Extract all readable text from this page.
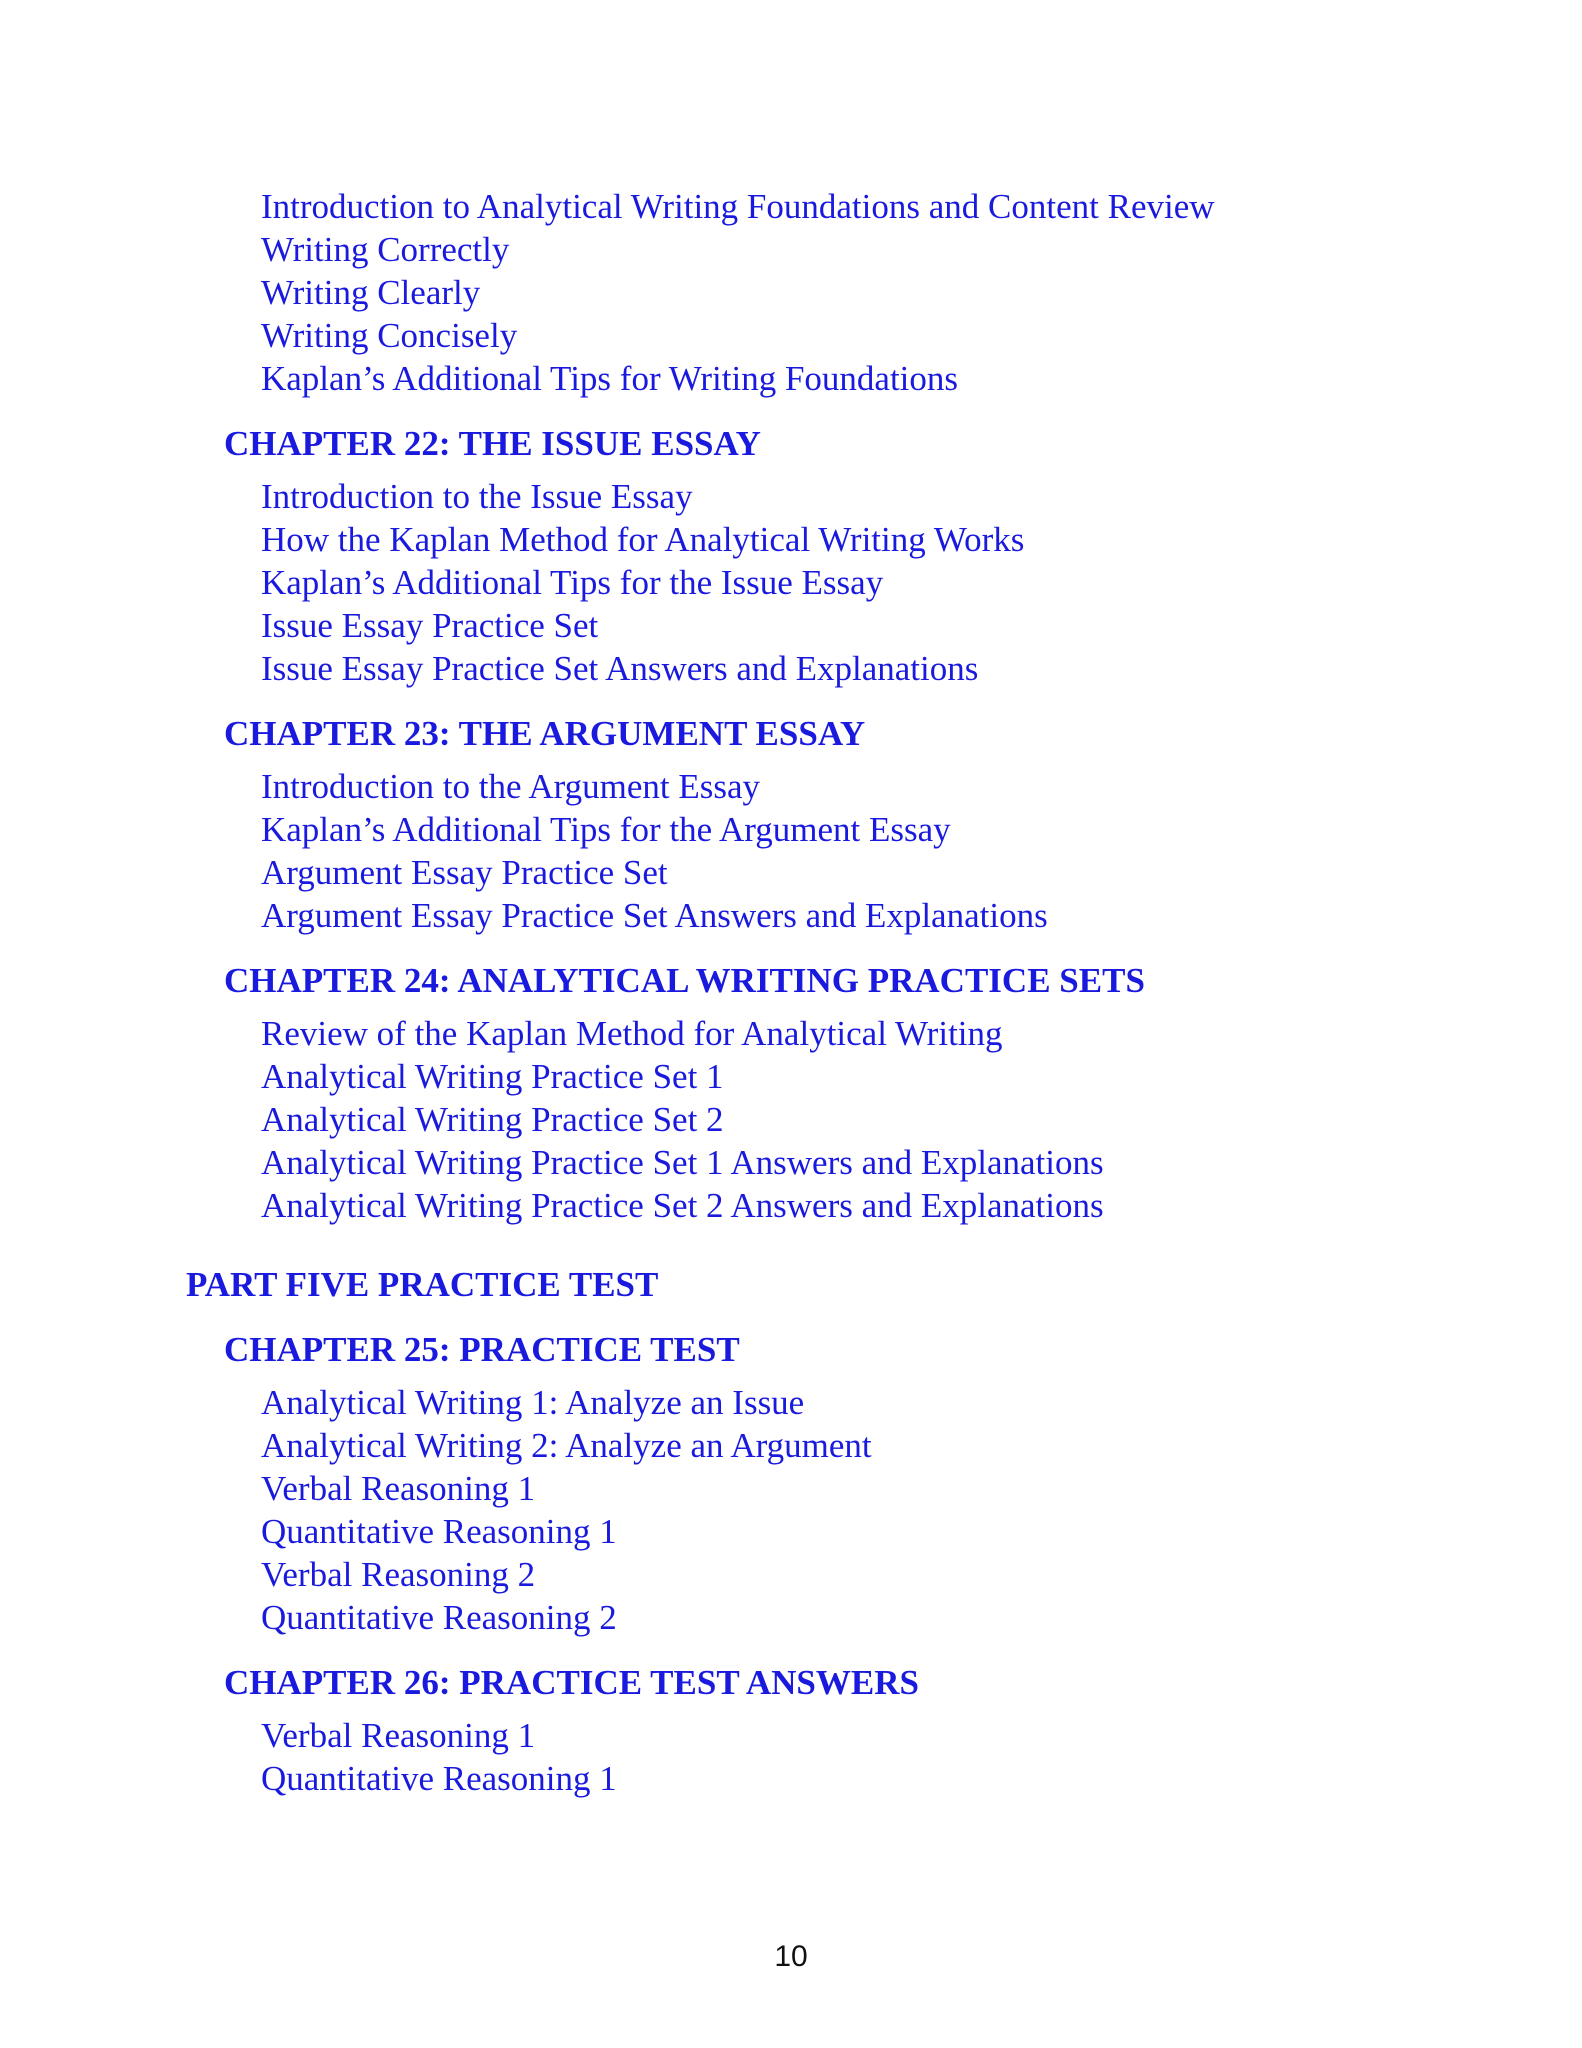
Introduction to Analytical Writing Foundations and Content Review
Writing Correctly
Writing Clearly
Writing Concisely
Kaplan’s Additional Tips for Writing Foundations
CHAPTER 22: THE ISSUE ESSAY
Introduction to the Issue Essay
How the Kaplan Method for Analytical Writing Works
Kaplan’s Additional Tips for the Issue Essay
Issue Essay Practice Set
Issue Essay Practice Set Answers and Explanations
CHAPTER 23: THE ARGUMENT ESSAY
Introduction to the Argument Essay
Kaplan’s Additional Tips for the Argument Essay
Argument Essay Practice Set
Argument Essay Practice Set Answers and Explanations
CHAPTER 24: ANALYTICAL WRITING PRACTICE SETS
Review of the Kaplan Method for Analytical Writing
Analytical Writing Practice Set 1
Analytical Writing Practice Set 2
Analytical Writing Practice Set 1 Answers and Explanations
Analytical Writing Practice Set 2 Answers and Explanations
PART FIVE PRACTICE TEST
CHAPTER 25: PRACTICE TEST
Analytical Writing 1: Analyze an Issue
Analytical Writing 2: Analyze an Argument
Verbal Reasoning 1
Quantitative Reasoning 1
Verbal Reasoning 2
Quantitative Reasoning 2
CHAPTER 26: PRACTICE TEST ANSWERS
Verbal Reasoning 1
Quantitative Reasoning 1
10
